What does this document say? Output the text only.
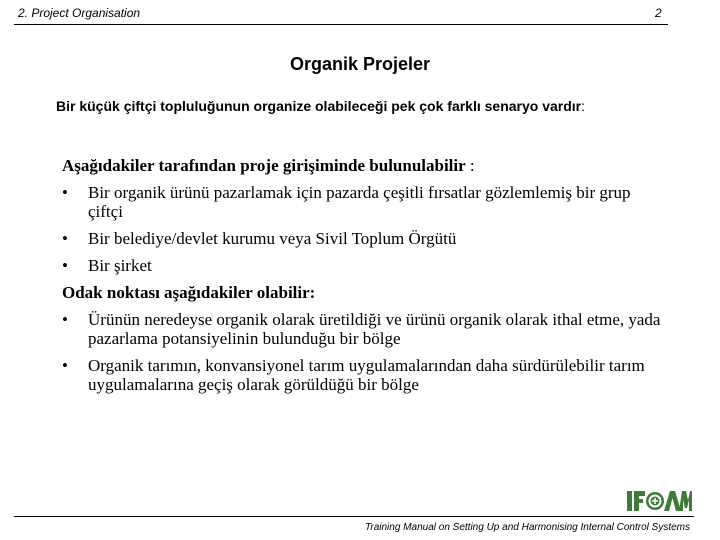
2. Project Organisation	2
Organik Projeler
Bir küçük çiftçi topluluğunun organize olabileceği pek çok farklı senaryo vardır:

Aşağıdakiler tarafından proje girişiminde bulunulabilir :

• Bir organik ürünü pazarlamak için pazarda çeşitli fırsatlar gözlemlemiş bir grup çiftçi

• Bir belediye/devlet kurumu veya Sivil Toplum Örgütü

• Bir şirket

Odak noktası aşağıdakiler olabilir:

• Ürünün neredeyse organik olarak üretildiği ve ürünü organik olarak ithal etme, yada pazarlama potansiyelinin bulunduğu bir bölge

• Organik tarımın, konvansiyonel tarım uygulamalarından daha sürdürülebilir tarım uygulamalarına geçiş olarak görüldüğü bir bölge

Training Manual on Setting Up and Harmonising Internal Control Systems
